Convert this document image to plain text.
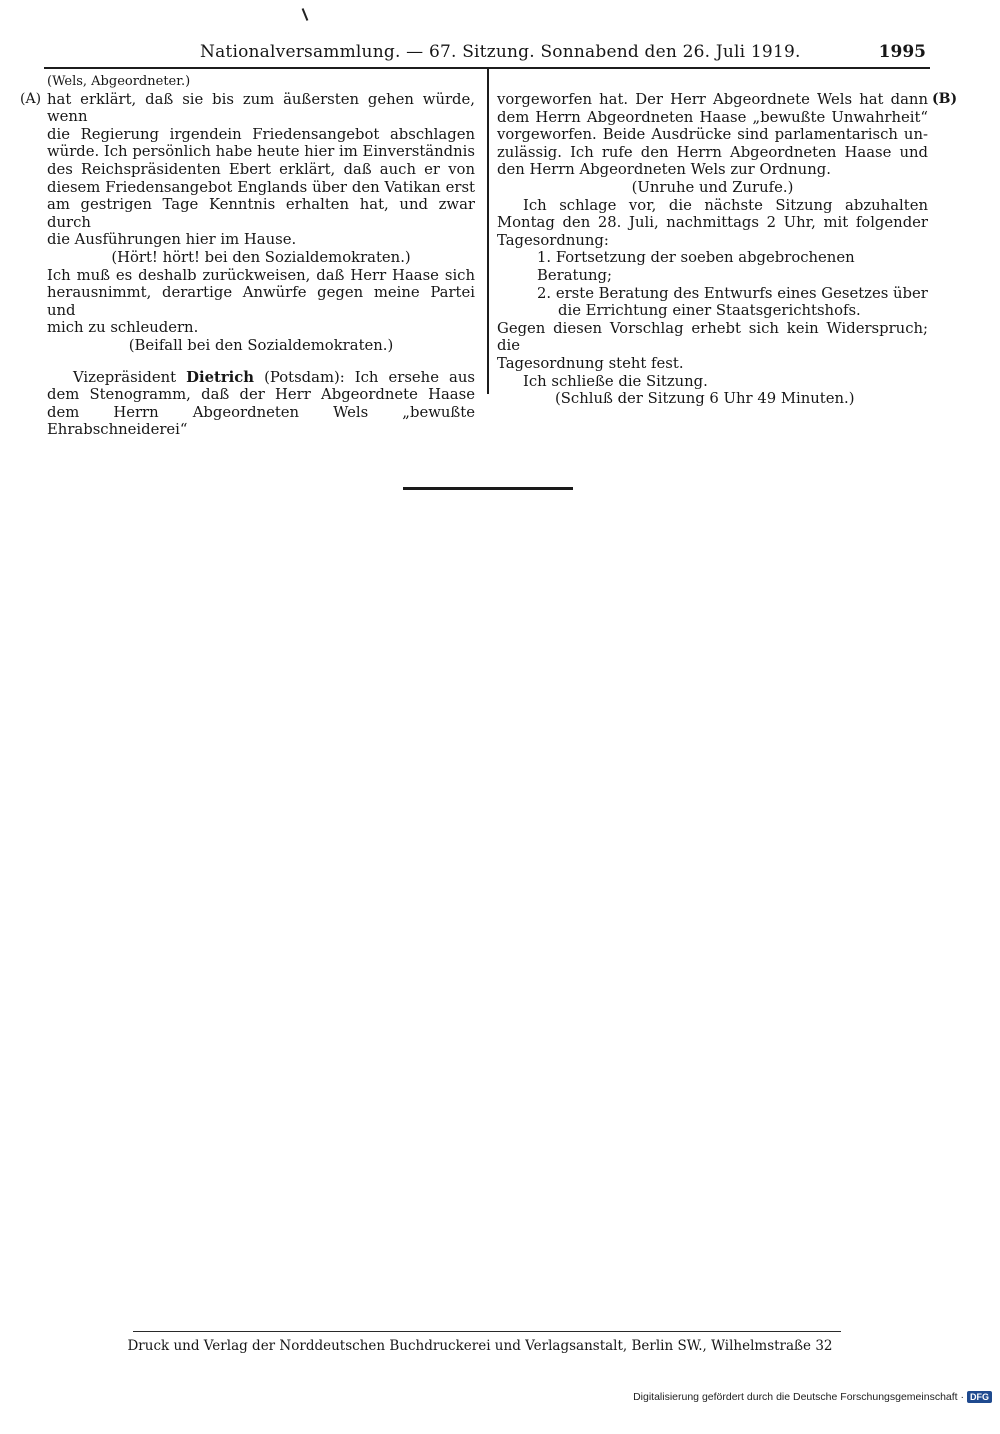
Nationalversammlung. — 67. Sitzung. Sonnabend den 26. Juli 1919.	1995
(A)	(B)

(Wels, Abgeordneter.)

hat erklärt, daß sie bis zum äußersten gehen würde, wenn

die Regierung irgendein Friedensangebot abschlagen

würde. Ich persönlich habe heute hier im Einverständnis

des Reichspräsidenten Ebert erklärt, daß auch er von

diesem Friedensangebot Englands über den Vatikan erst

am gestrigen Tage Kenntnis erhalten hat, und zwar durch

die Ausführungen hier im Hause.

(Hört! hört! bei den Sozialdemokraten.)

Ich muß es deshalb zurückweisen, daß Herr Haase sich

herausnimmt, derartige Anwürfe gegen meine Partei und

mich zu schleudern.

(Beifall bei den Sozialdemokraten.)

Vizepräsident Dietrich (Potsdam): Ich ersehe aus

dem Stenogramm, daß der Herr Abgeordnete Haase

dem Herrn Abgeordneten Wels „bewußte Ehrabschneiderei“

vorgeworfen hat. Der Herr Abgeordnete Wels hat dann

dem Herrn Abgeordneten Haase „bewußte Unwahrheit“

vorgeworfen. Beide Ausdrücke sind parlamentarisch un-

zulässig. Ich rufe den Herrn Abgeordneten Haase und

den Herrn Abgeordneten Wels zur Ordnung.

(Unruhe und Zurufe.)

Ich schlage vor, die nächste Sitzung abzuhalten

Montag den 28. Juli, nachmittags 2 Uhr, mit folgender

Tagesordnung:

1. Fortsetzung der soeben abgebrochenen Beratung;

2. erste Beratung des Entwurfs eines Gesetzes über

die Errichtung einer Staatsgerichtshofs.

Gegen diesen Vorschlag erhebt sich kein Widerspruch; die

Tagesordnung steht fest.

Ich schließe die Sitzung.

(Schluß der Sitzung 6 Uhr 49 Minuten.)

Druck und Verlag der Norddeutschen Buchdruckerei und Verlagsanstalt, Berlin SW., Wilhelmstraße 32
Digitalisierung gefördert durch die Deutsche Forschungsgemeinschaft · DFG
